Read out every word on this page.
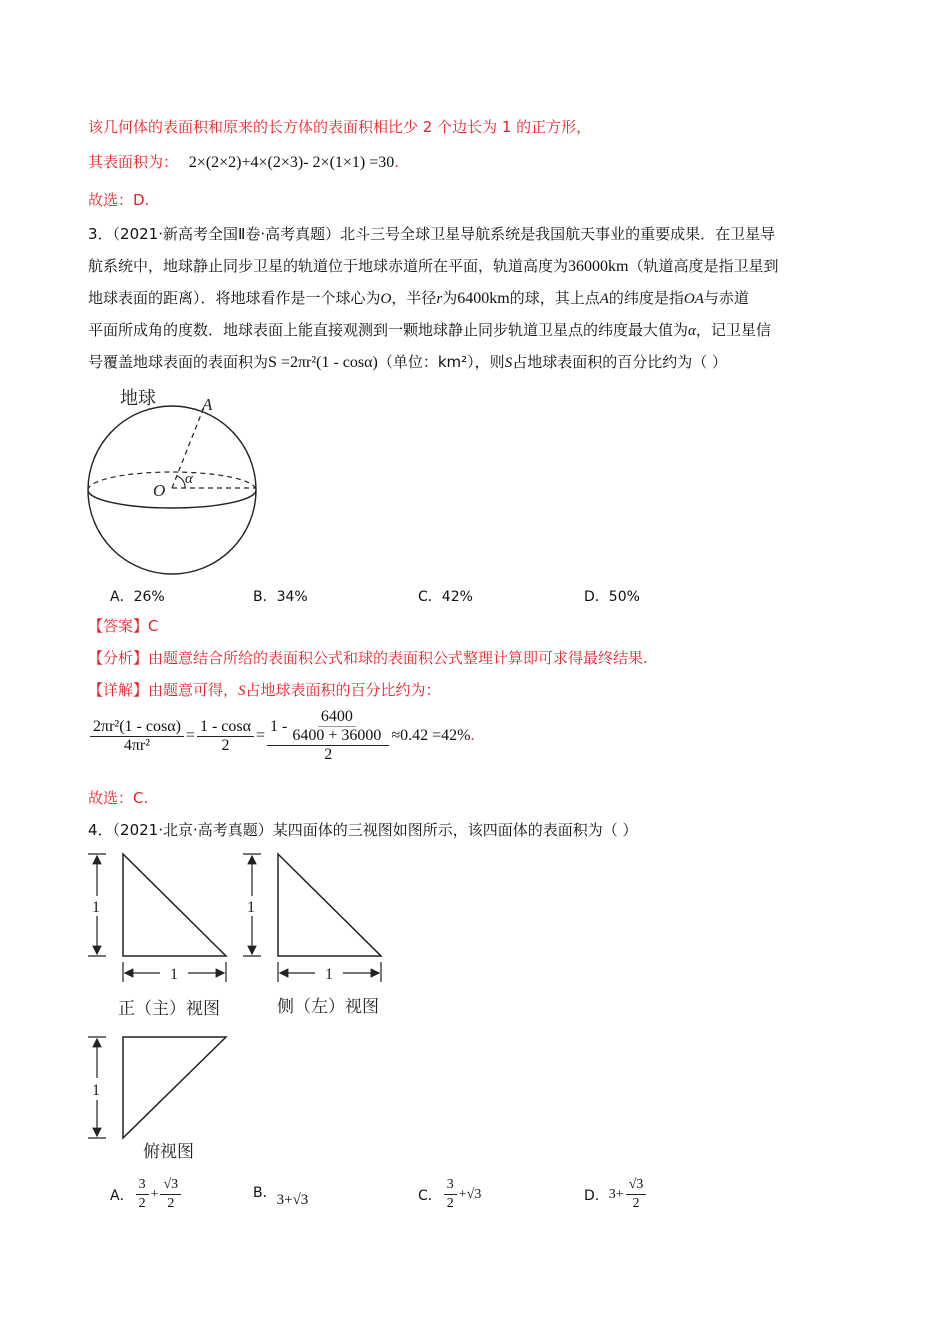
该几何体的表面积和原来的长方体的表面积相比少 2 个边长为 1 的正方形，
其表面积为： 2×(2×2)+4×(2×3)- 2×(1×1) =30.
故选：D.
3．（2021·新高考全国Ⅱ卷·高考真题）北斗三号全球卫星导航系统是我国航天事业的重要成果．在卫星导
航系统中，地球静止同步卫星的轨道位于地球赤道所在平面，轨道高度为36000km（轨道高度是指卫星到
地球表面的距离）．将地球看作是一个球心为O，半径r为6400km的球，其上点A的纬度是指OA与赤道
平面所成角的度数．地球表面上能直接观测到一颗地球静止同步轨道卫星点的纬度最大值为α，记卫星信
号覆盖地球表面的表面积为S =2πr²(1 - cosα)（单位：km²），则S占地球表面积的百分比约为（ ）
地球	A
O
α
A．26%	B．34%	C．42%	D．50%
【答案】C
【分析】由题意结合所给的表面积公式和球的表面积公式整理计算即可求得最终结果.
【详解】由题意可得，S占地球表面积的百分比约为：
$\frac{\text{2πr²(1 - cosα)}}{\text{4πr²}} = \frac{1 - \cos\alpha}{2} = \frac{1 - \frac{6400}{6400 + 36000}}{2} \approx 0.42 =42\%$ .
故选：C.
4．（2021·北京·高考真题）某四面体的三视图如图所示，该四面体的表面积为（ ）
1
1
正（主）视图
1
1
侧（左）视图
1
俯视图
A． $\frac{3}{2} + \frac{√3}{2}$	B． 3+√3	C． $\frac{3}{2} +√3$	D． $3+ \frac{√3}{2}$
